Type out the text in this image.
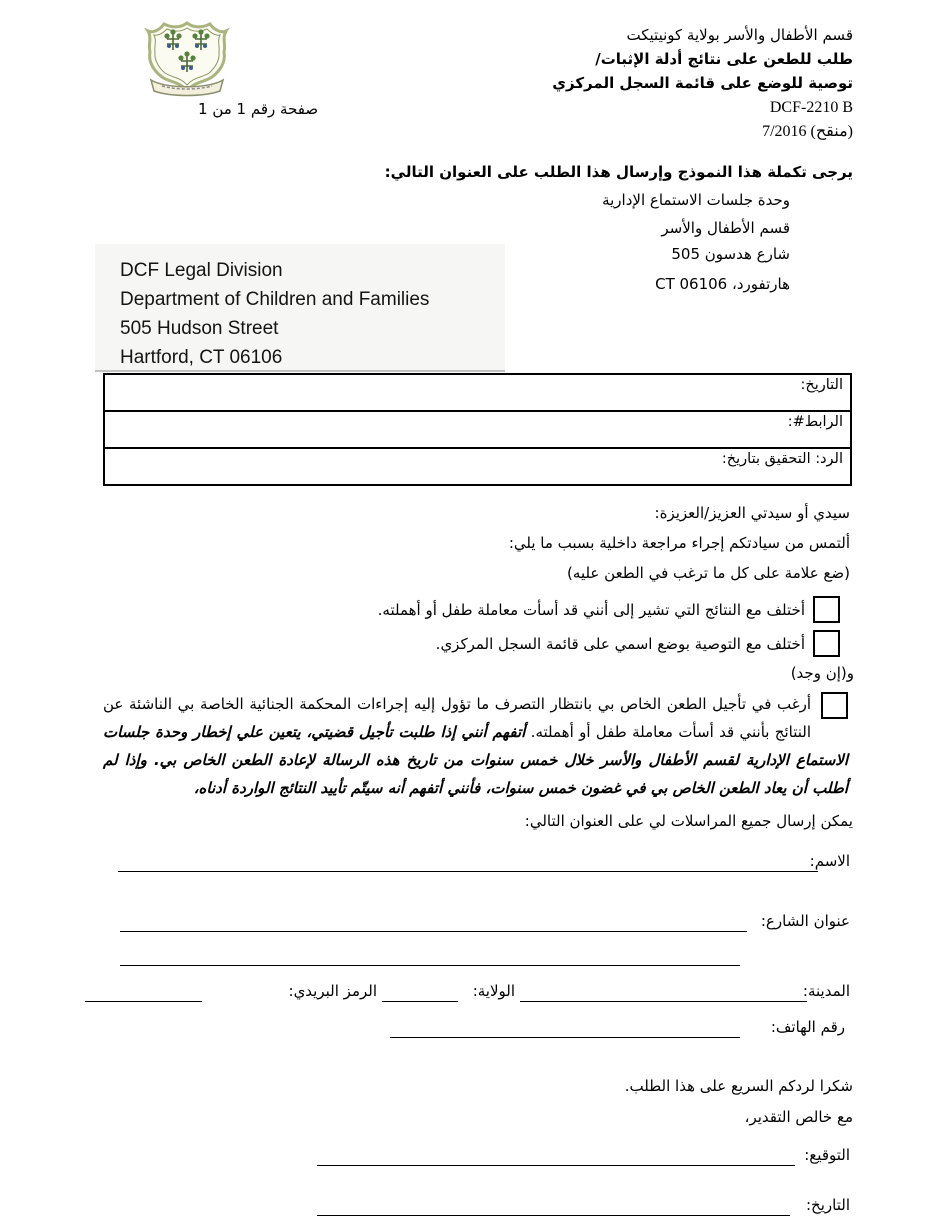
صفحة رقم 1 من 1
قسم الأطفال والأسر بولاية كونيتيكت
طلب للطعن على نتائج أدلة الإثبات/
توصية للوضع على قائمة السجل المركزي
DCF-2210 B
7/2016 (منقح)
يرجى تكملة هذا النموذج وإرسال هذا الطلب على العنوان التالي:
وحدة جلسات الاستماع الإدارية
قسم الأطفال والأسر
505 شارع هدسون
هارتفورد، CT 06106
DCF Legal Division
Department of Children and Families
505 Hudson Street
Hartford, CT 06106
التاريخ:
الرابط#:
الرد: التحقيق بتاريخ:
سيدي أو سيدتي العزيز/العزيزة:
ألتمس من سيادتكم إجراء مراجعة داخلية بسبب ما يلي:
(ضع علامة على كل ما ترغب في الطعن عليه)
أختلف مع النتائج التي تشير إلى أنني قد أسأت معاملة طفل أو أهملته.
أختلف مع التوصية بوضع اسمي على قائمة السجل المركزي.
و(إن وجد)
أرغب في تأجيل الطعن الخاص بي بانتظار التصرف ما تؤول إليه إجراءات المحكمة الجنائية الخاصة بي الناشئة عن النتائج بأنني قد أسأت معاملة طفل أو أهملته. أتفهم أنني إذا طلبت تأجيل قضيتي، يتعين علي إخطار وحدة جلسات الاستماع الإدارية لقسم الأطفال والأسر خلال خمس سنوات من تاريخ هذه الرسالة لإعادة الطعن الخاص بي. وإذا لم أطلب أن يعاد الطعن الخاص بي في غضون خمس سنوات، فأنني أتفهم أنه سيتّم تأييد النتائج الواردة أدناه،
يمكن إرسال جميع المراسلات لي على العنوان التالي:
الاسم:
عنوان الشارع:
المدينة:
الولاية:
الرمز البريدي:
رقم الهاتف:
شكرا لردكم السريع على هذا الطلب.
مع خالص التقدير،
التوقيع:
التاريخ:
